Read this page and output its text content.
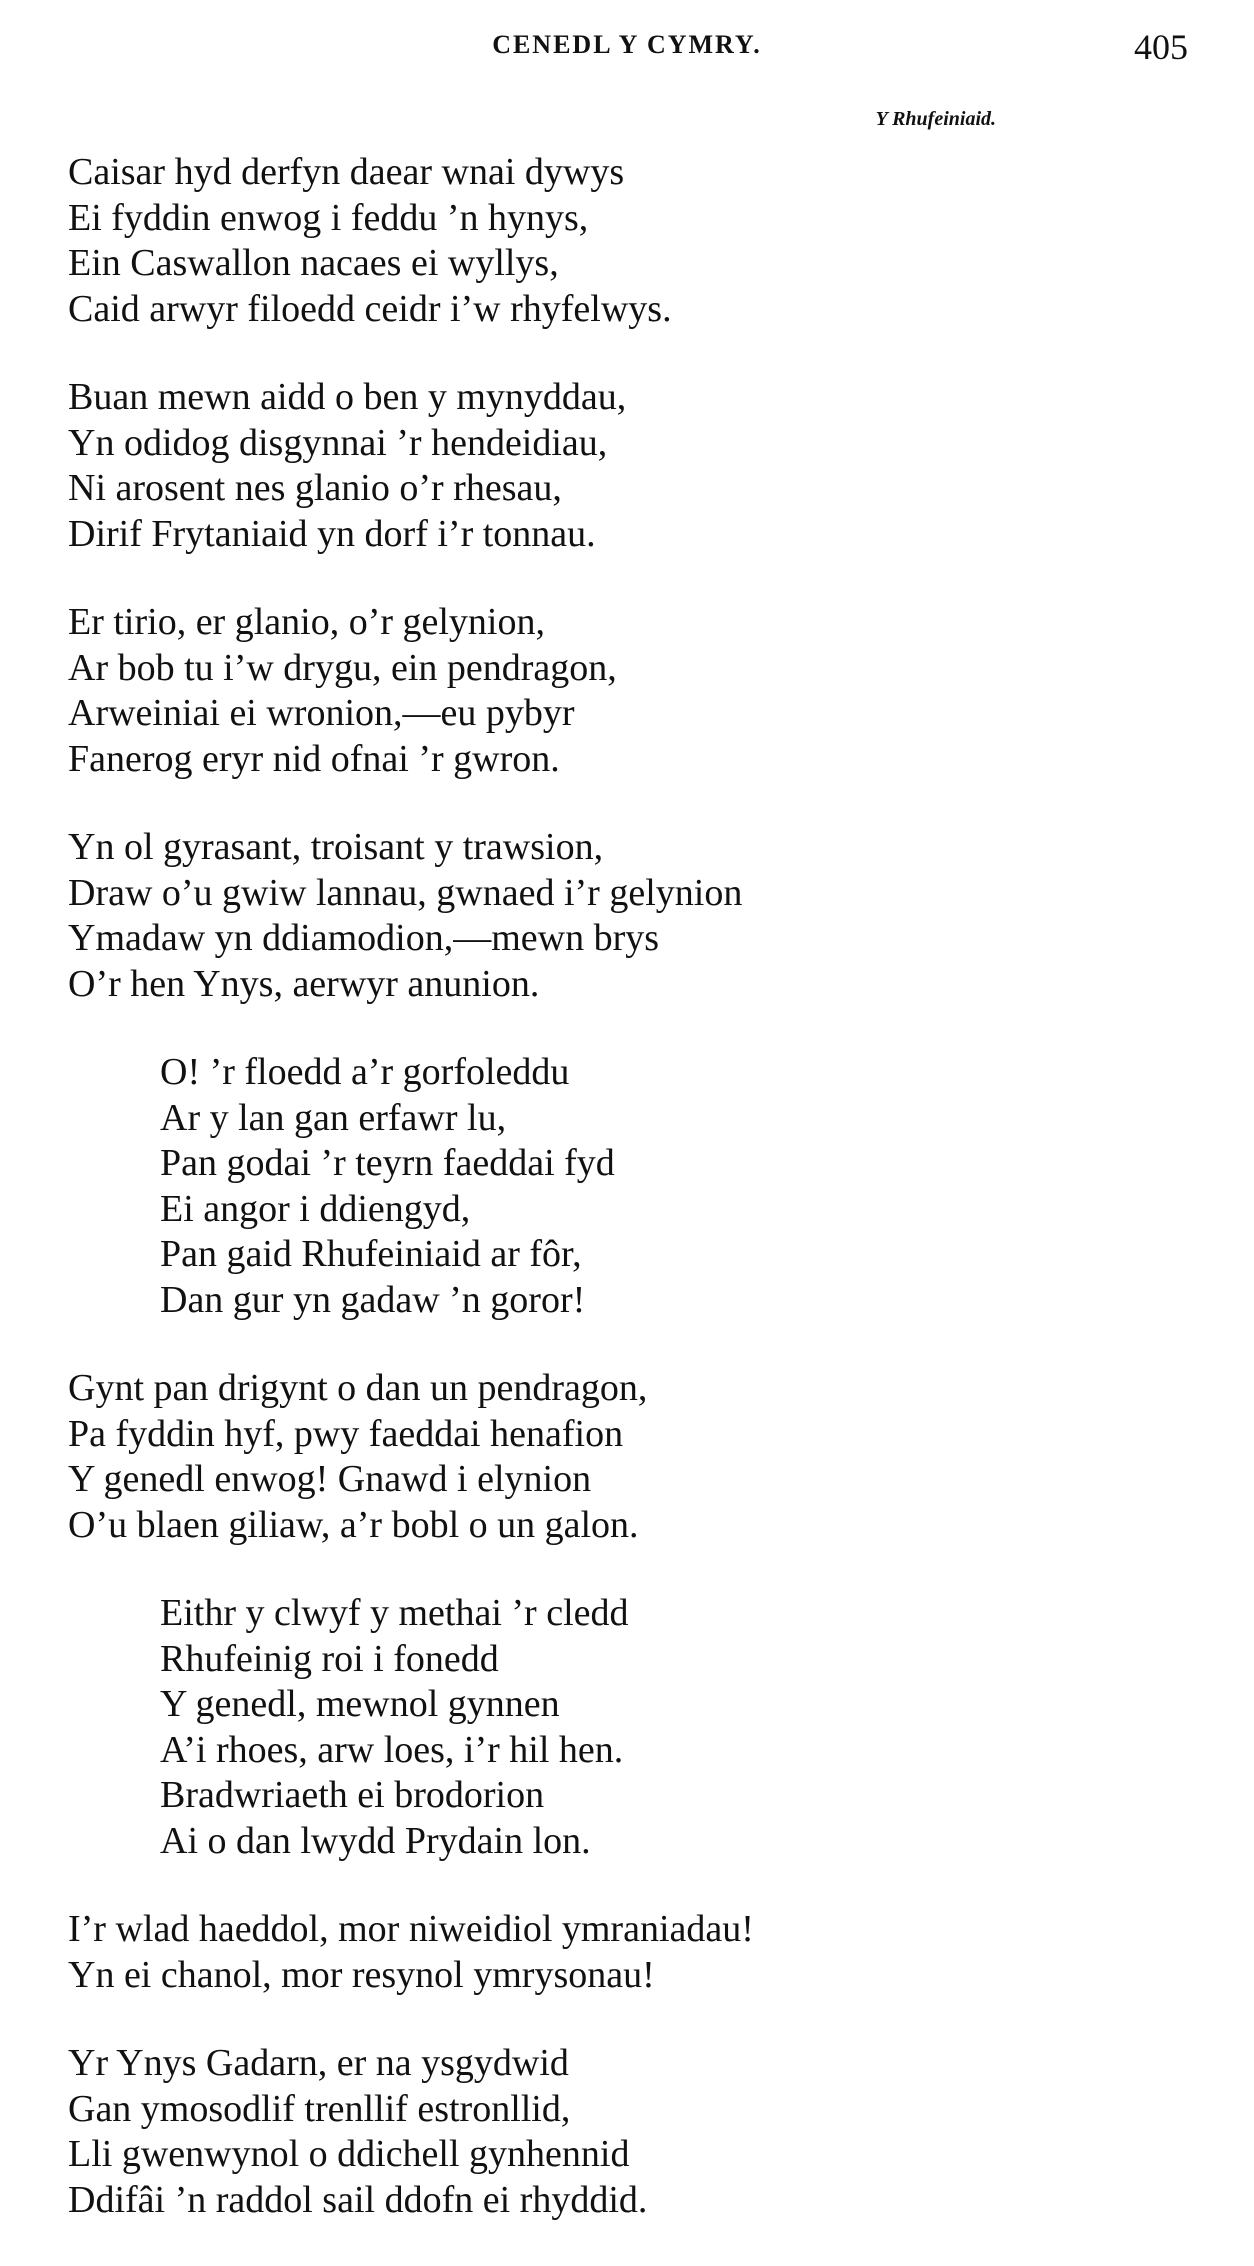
CENEDL Y CYMRY.	405
Y Rhufeiniaid.
Caisar hyd derfyn daear wnai dywys
Ei fyddin enwog i feddu ’n hynys,
Ein Caswallon nacaes ei wyllys,
Caid arwyr filoedd ceidr i’w rhyfelwys.
Buan mewn aidd o ben y mynyddau,
Yn odidog disgynnai ’r hendeidiau,
Ni arosent nes glanio o’r rhesau,
Dirif Frytaniaid yn dorf i’r tonnau.
Er tirio, er glanio, o’r gelynion,
Ar bob tu i’w drygu, ein pendragon,
Arweiniai ei wronion,—eu pybyr
Fanerog eryr nid ofnai ’r gwron.
Yn ol gyrasant, troisant y trawsion,
Draw o’u gwiw lannau, gwnaed i’r gelynion
Ymadaw yn ddiamodion,—mewn brys
O’r hen Ynys, aerwyr anunion.
O! ’r floedd a’r gorfoleddu
Ar y lan gan erfawr lu,
Pan godai ’r teyrn faeddai fyd
Ei angor i ddiengyd,
Pan gaid Rhufeiniaid ar fôr,
Dan gur yn gadaw ’n goror!
Gynt pan drigynt o dan un pendragon,
Pa fyddin hyf, pwy faeddai henafion
Y genedl enwog! Gnawd i elynion
O’u blaen giliaw, a’r bobl o un galon.
Eithr y clwyf y methai ’r cledd
Rhufeinig roi i fonedd
Y genedl, mewnol gynnen
A’i rhoes, arw loes, i’r hil hen.
Bradwriaeth ei brodorion
Ai o dan lwydd Prydain lon.
I’r wlad haeddol, mor niweidiol ymraniadau!
Yn ei chanol, mor resynol ymrysonau!
Yr Ynys Gadarn, er na ysgydwid
Gan ymosodlif trenllif estronllid,
Lli gwenwynol o ddichell gynhennid
Ddifâi ’n raddol sail ddofn ei rhyddid.
